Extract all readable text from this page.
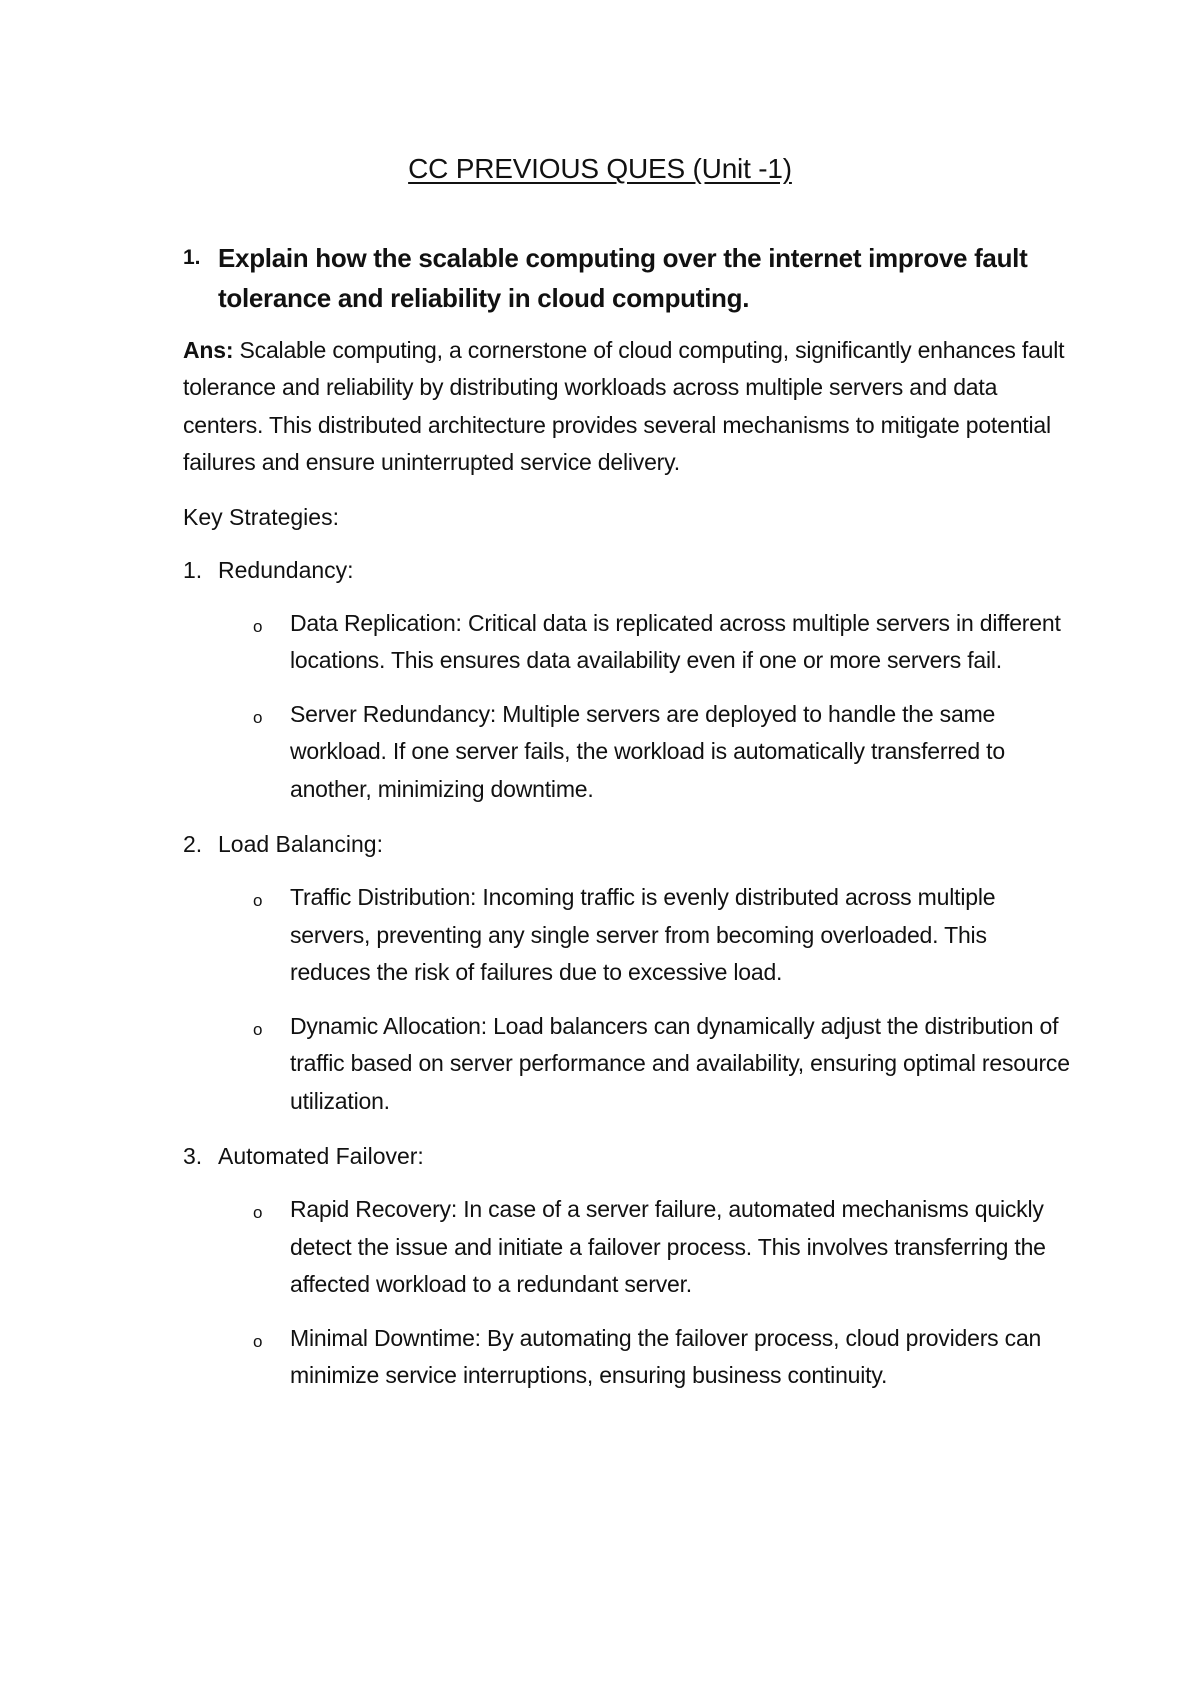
CC PREVIOUS QUES (Unit -1)
1. Explain how the scalable computing over the internet improve fault tolerance and reliability in cloud computing.

Ans: Scalable computing, a cornerstone of cloud computing, significantly enhances fault tolerance and reliability by distributing workloads across multiple servers and data centers. This distributed architecture provides several mechanisms to mitigate potential failures and ensure uninterrupted service delivery.

Key Strategies:
1. Redundancy:
o	Data Replication: Critical data is replicated across multiple servers in different locations. This ensures data availability even if one or more servers fail.
o	Server Redundancy: Multiple servers are deployed to handle the same workload. If one server fails, the workload is automatically transferred to another, minimizing downtime.
2. Load Balancing:
o	Traffic Distribution: Incoming traffic is evenly distributed across multiple servers, preventing any single server from becoming overloaded. This reduces the risk of failures due to excessive load.
o	Dynamic Allocation: Load balancers can dynamically adjust the distribution of traffic based on server performance and availability, ensuring optimal resource utilization.
3. Automated Failover:
o	Rapid Recovery: In case of a server failure, automated mechanisms quickly detect the issue and initiate a failover process. This involves transferring the affected workload to a redundant server.
o	Minimal Downtime: By automating the failover process, cloud providers can minimize service interruptions, ensuring business continuity.
